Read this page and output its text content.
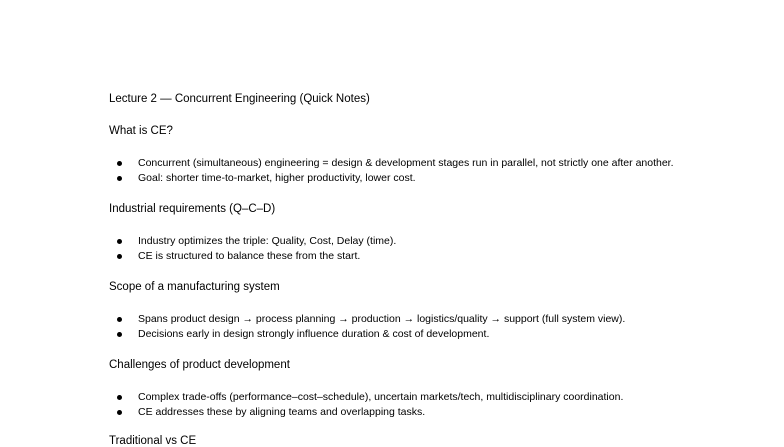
Lecture 2 — Concurrent Engineering (Quick Notes)
What is CE?
Concurrent (simultaneous) engineering = design & development stages run in parallel, not strictly one after another.
Goal: shorter time-to-market, higher productivity, lower cost.
Industrial requirements (Q–C–D)
Industry optimizes the triple: Quality, Cost, Delay (time).
CE is structured to balance these from the start.
Scope of a manufacturing system
Spans product design → process planning → production → logistics/quality → support (full system view).
Decisions early in design strongly influence duration & cost of development.
Challenges of product development
Complex trade-offs (performance–cost–schedule), uncertain markets/tech, multidisciplinary coordination.
CE addresses these by aligning teams and overlapping tasks.
Traditional vs CE
